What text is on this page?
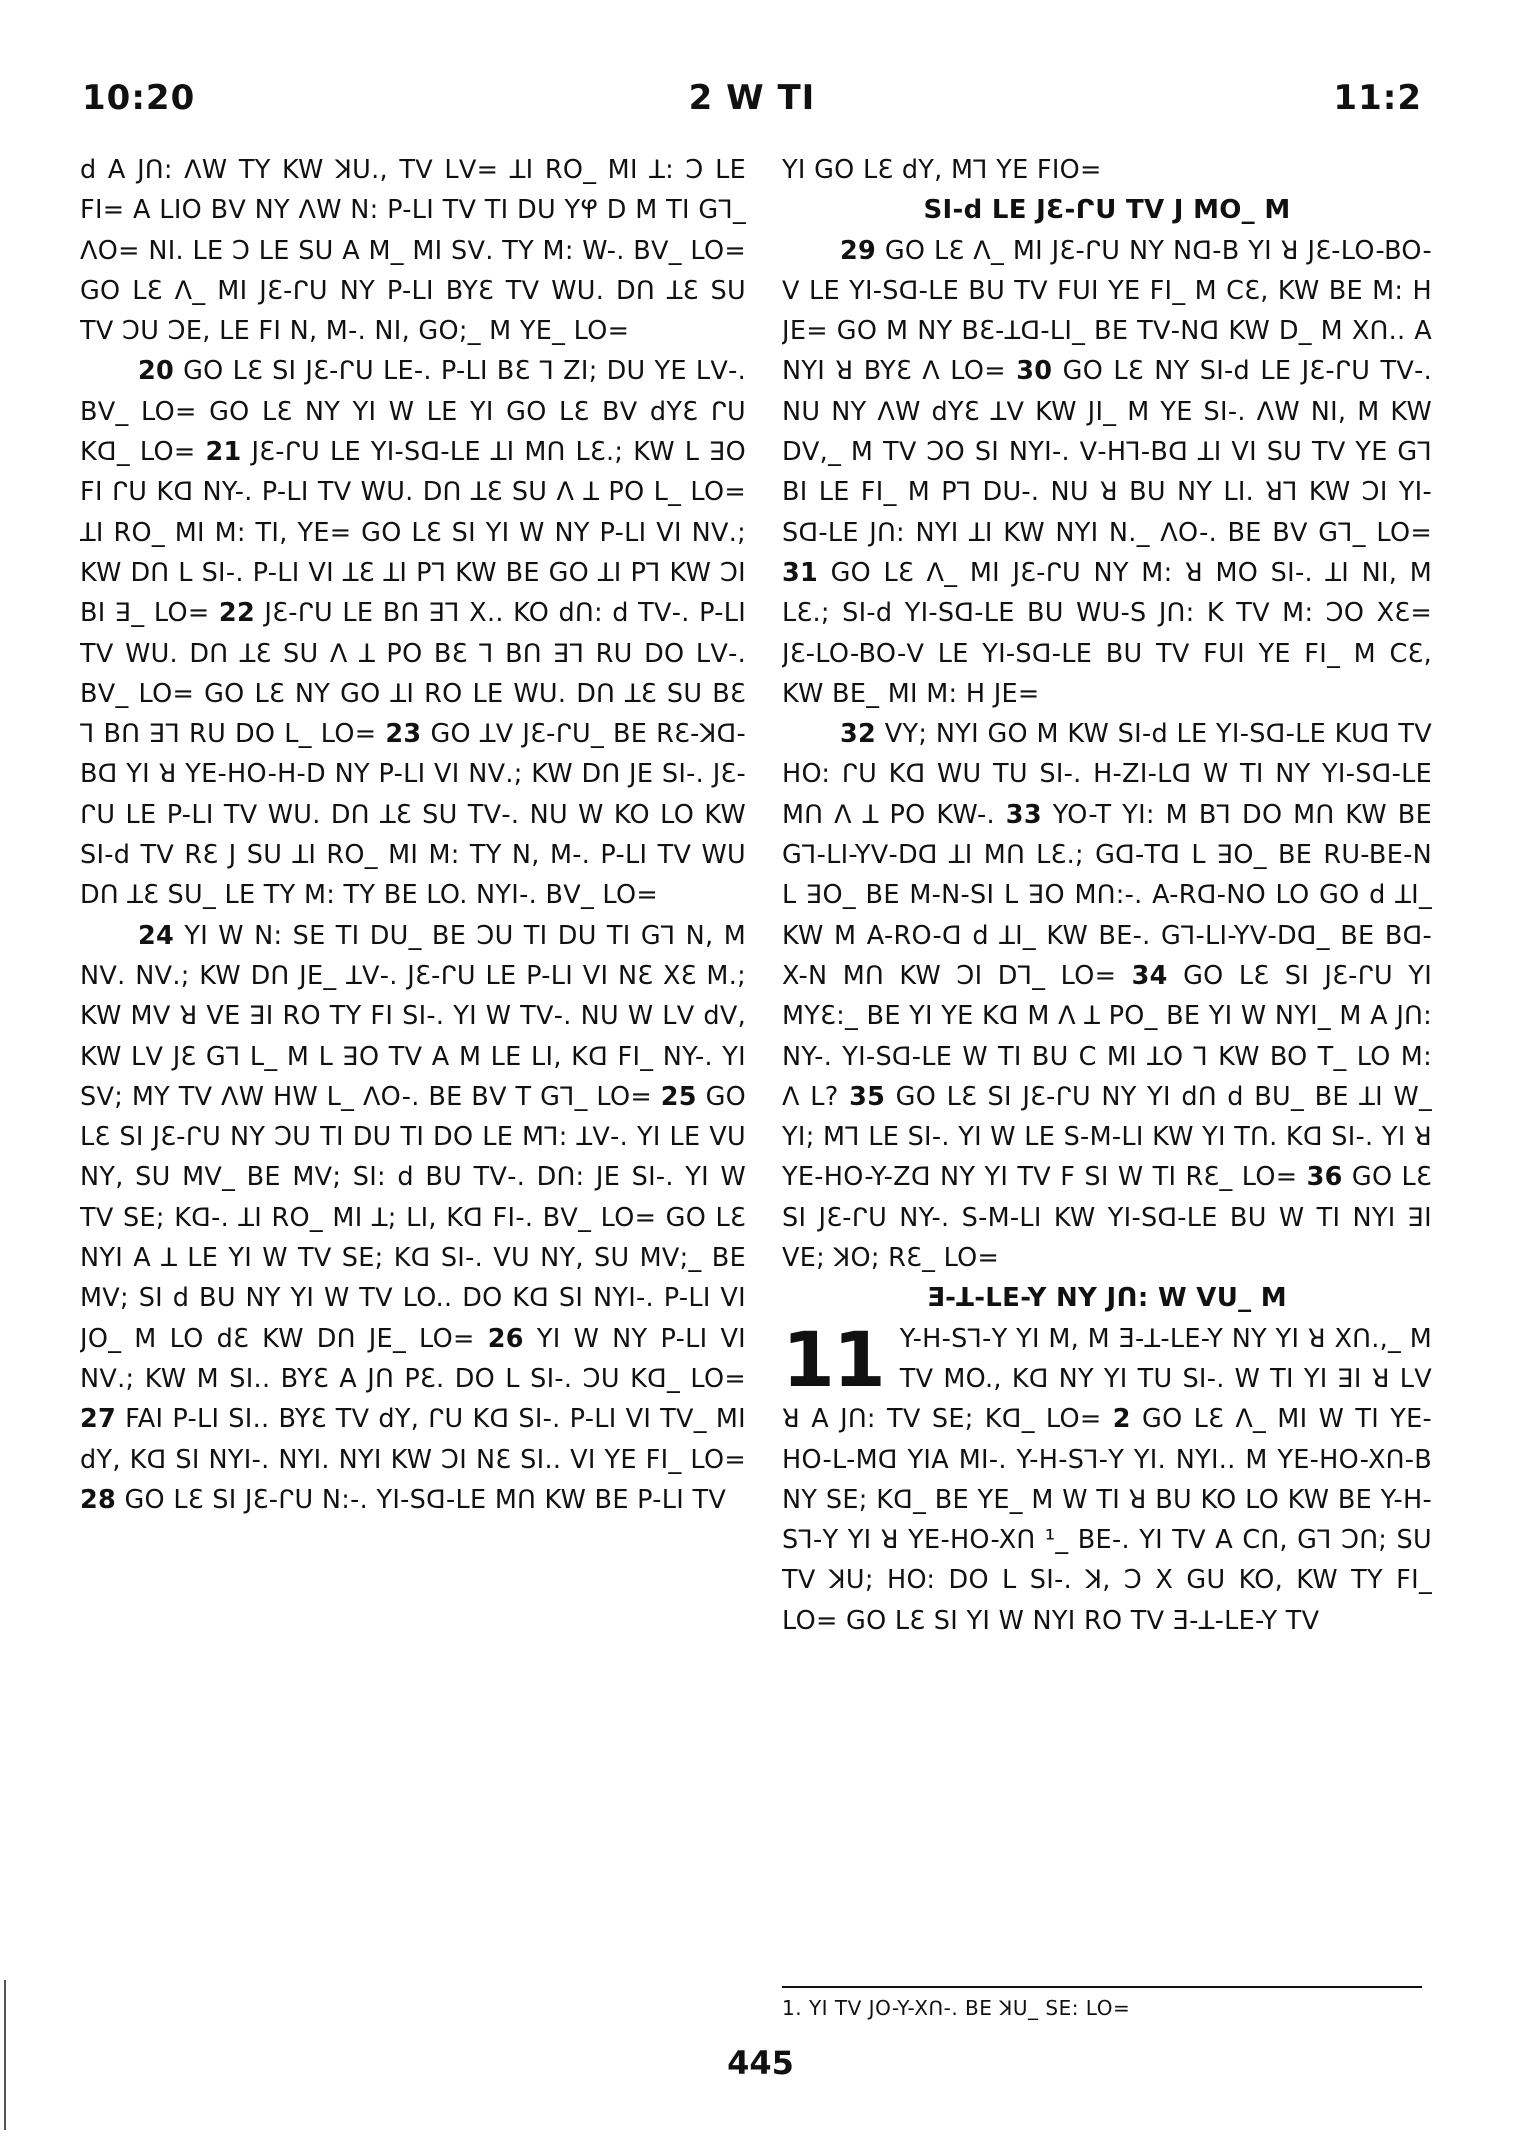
10:20	2 W TI	11:2

d A Jᑎ: ᐱW TY KW ꓘU., Tᐯ Lᐯ= ꓕI RO_ MI ꓕ: Ɔ LE FI= A LIO Bᐯ NY ᐱW N: P-LI Tᐯ TI DU Y𐐐 D M TI Gꓶ_ ᐱO= NI. LE Ɔ LE SU A M_ MI Sᐯ. TY M: W-. Bᐯ_ LO= GO LƐ ᐱ_ MI JƐ-ᒋU NY P-LI BYƐ Tᐯ WU. Dᑎ ꓕƐ SU Tᐯ ƆU ƆE, LE FI N, M-. NI, GO;_ M YE_ LO=

20 GO LƐ SI JƐ-ᒋU LE-. P-LI BƐ ꓶ ZI; DU YE Lᐯ-. Bᐯ_ LO= GO LƐ NY YI W LE YI GO LƐ Bᐯ dYƐ ᒋU Kᗡ_ LO= 21 JƐ-ᒋU LE YI-Sᗡ-LE ꓕI Mᑎ LƐ.; KW L ꓱO FI ᒋU Kᗡ NY-. P-LI Tᐯ WU. Dᑎ ꓕƐ SU ᐱ ꓕ PO L_ LO= ꓕI RO_ MI M: TI, YE= GO LƐ SI YI W NY P-LI VI Nᐯ.; KW Dᑎ L SI-. P-LI VI ꓕƐ ꓕI Pꓶ KW BE GO ꓕI Pꓶ KW ƆI BI ꓱ_ LO= 22 JƐ-ᒋU LE Bᑎ ꓱꓶ X.. KO dᑎ: d Tᐯ-. P-LI Tᐯ WU. Dᑎ ꓕƐ SU ᐱ ꓕ PO BƐ ꓶ Bᑎ ꓱꓶ RU DO Lᐯ-. Bᐯ_ LO= GO LƐ NY GO ꓕI RO LE WU. Dᑎ ꓕƐ SU BƐ ꓶ Bᑎ ꓱꓶ RU DO L_ LO= 23 GO ꓕᐯ JƐ-ᒋU_ BE RƐ-ꓘᗡ-Bᗡ YI ꓤ YE-HO-H-D NY P-LI VI Nᐯ.; KW Dᑎ JE SI-. JƐ-ᒋU LE P-LI Tᐯ WU. Dᑎ ꓕƐ SU Tᐯ-. NU W KO LO KW SI-d Tᐯ RƐ J SU ꓕI RO_ MI M: TY N, M-. P-LI Tᐯ WU Dᑎ ꓕƐ SU_ LE TY M: TY BE LO. NYI-. Bᐯ_ LO=

24 YI W N: SE TI DU_ BE ƆU TI DU TI Gꓶ N, M Nᐯ. Nᐯ.; KW Dᑎ JE_ ꓕᐯ-. JƐ-ᒋU LE P-LI VI NƐ XƐ M.; KW Mᐯ ꓤ VE ꓱI RO TY FI SI-. YI W Tᐯ-. NU W Lᐯ dᐯ, KW Lᐯ JƐ Gꓶ L_ M L ꓱO Tᐯ A M LE LI, Kᗡ FI_ NY-. YI Sᐯ; MY Tᐯ ᐱW HW L_ ᐱO-. BE Bᐯ T Gꓶ_ LO= 25 GO LƐ SI JƐ-ᒋU NY ƆU TI DU TI DO LE Mꓶ: ꓕᐯ-. YI LE VU NY, SU Mᐯ_ BE Mᐯ; SI: d BU Tᐯ-. Dᑎ: JE SI-. YI W Tᐯ SE; Kᗡ-. ꓕI RO_ MI ꓕ; LI, Kᗡ FI-. Bᐯ_ LO= GO LƐ NYI A ꓕ LE YI W Tᐯ SE; Kᗡ SI-. VU NY, SU Mᐯ;_ BE Mᐯ; SI d BU NY YI W Tᐯ LO.. DO Kᗡ SI NYI-. P-LI VI JO_ M LO dƐ KW Dᑎ JE_ LO= 26 YI W NY P-LI VI Nᐯ.; KW M SI.. BYƐ A Jᑎ PƐ. DO L SI-. ƆU Kᗡ_ LO= 27 FAI P-LI SI.. BYƐ Tᐯ dY, ᒋU Kᗡ SI-. P-LI VI Tᐯ_ MI dY, Kᗡ SI NYI-. NYI. NYI KW ƆI NƐ SI.. VI YE FI_ LO= 28 GO LƐ SI JƐ-ᒋU N:-. YI-Sᗡ-LE Mᑎ KW BE P-LI Tᐯ

YI GO LƐ dY, Mꓶ YE FIO=

SI-d LE JƐ-ᒋU Tᐯ J MO_ M

29 GO LƐ ᐱ_ MI JƐ-ᒋU NY Nᗡ-B YI ꓤ JƐ-LO-BO-ᐯ LE YI-Sᗡ-LE BU Tᐯ FUI YE FI_ M CƐ, KW BE M: H JE= GO M NY BƐ-ꓕᗡ-LI_ BE Tᐯ-Nᗡ KW D_ M Xᑎ.. A NYI ꓤ BYƐ ᐱ LO= 30 GO LƐ NY SI-d LE JƐ-ᒋU Tᐯ-. NU NY ᐱW dYƐ ꓕᐯ KW JI_ M YE SI-. ᐱW NI, M KW Dᐯ,_ M Tᐯ ƆO SI NYI-. ᐯ-Hꓶ-Bᗡ ꓕI VI SU Tᐯ YE Gꓶ BI LE FI_ M Pꓶ DU-. NU ꓤ BU NY LI. ꓤꓶ KW ƆI YI-Sᗡ-LE Jᑎ: NYI ꓕI KW NYI N._ ᐱO-. BE Bᐯ Gꓶ_ LO= 31 GO LƐ ᐱ_ MI JƐ-ᒋU NY M: ꓤ MO SI-. ꓕI NI, M LƐ.; SI-d YI-Sᗡ-LE BU WU-S Jᑎ: K Tᐯ M: ƆO XƐ= JƐ-LO-BO-ᐯ LE YI-Sᗡ-LE BU Tᐯ FUI YE FI_ M CƐ, KW BE_ MI M: H JE=

32 VY; NYI GO M KW SI-d LE YI-Sᗡ-LE KUᗡ Tᐯ HO: ᒋU Kᗡ WU TU SI-. H-ZI-Lᗡ W TI NY YI-Sᗡ-LE Mᑎ ᐱ ꓕ PO KW-. 33 YO-T YI: M Bꓶ DO Mᑎ KW BE Gꓶ-LI-Yᐯ-Dᗡ ꓕI Mᑎ LƐ.; Gᗡ-Tᗡ L ꓱO_ BE RU-BE-N L ꓱO_ BE M-N-SI L ꓱO Mᑎ:-. A-Rᗡ-NO LO GO d ꓕI_ KW M A-RO-ᗡ d ꓕI_ KW BE-. Gꓶ-LI-Yᐯ-Dᗡ_ BE Bᗡ-X-N Mᑎ KW ƆI Dꓶ_ LO= 34 GO LƐ SI JƐ-ᒋU YI MYƐ:_ BE YI YE Kᗡ M ᐱ ꓕ PO_ BE YI W NYI_ M A Jᑎ: NY-. YI-Sᗡ-LE W TI BU C MI ꓕO ꓶ KW BO T_ LO M: ᐱ L? 35 GO LƐ SI JƐ-ᒋU NY YI dᑎ d BU_ BE ꓕI W_ YI; Mꓶ LE SI-. YI W LE S-M-LI KW YI Tᑎ. Kᗡ SI-. YI ꓤ YE-HO-Y-Zᗡ NY YI Tᐯ F SI W TI RƐ_ LO= 36 GO LƐ SI JƐ-ᒋU NY-. S-M-LI KW YI-Sᗡ-LE BU W TI NYI ꓱI VE; ꓘO; RƐ_ LO=

Ǝ-ꓕ-LE-Y NY Jᑎ: W VU_ M
11 Y-H-Sꓶ-Y YI M, M Ǝ-ꓕ-LE-Y NY YI ꓤ Xᑎ.,_ M Tᐯ MO., Kᗡ NY YI TU SI-. W TI YI ꓱI ꓤ Lᐯ ꓤ A Jᑎ: Tᐯ SE; Kᗡ_ LO= 2 GO LƐ ᐱ_ MI W TI YE-HO-L-Mᗡ YIA MI-. Y-H-Sꓶ-Y YI. NYI.. M YE-HO-Xᑎ-B NY SE; Kᗡ_ BE YE_ M W TI ꓤ BU KO LO KW BE Y-H-Sꓶ-Y YI ꓤ YE-HO-Xᑎ ¹_ BE-. YI Tᐯ A Cᑎ, Gꓶ Ɔᑎ; SU Tᐯ ꓘU; HO: DO L SI-. ꓘ, Ɔ X GU KO, KW TY FI_ LO= GO LƐ SI YI W NYI RO Tᐯ Ǝ-ꓕ-LE-Y Tᐯ

1. YI Tᐯ JO-Y-Xᑎ-. BE ꓘU_ SE: LO=
445
